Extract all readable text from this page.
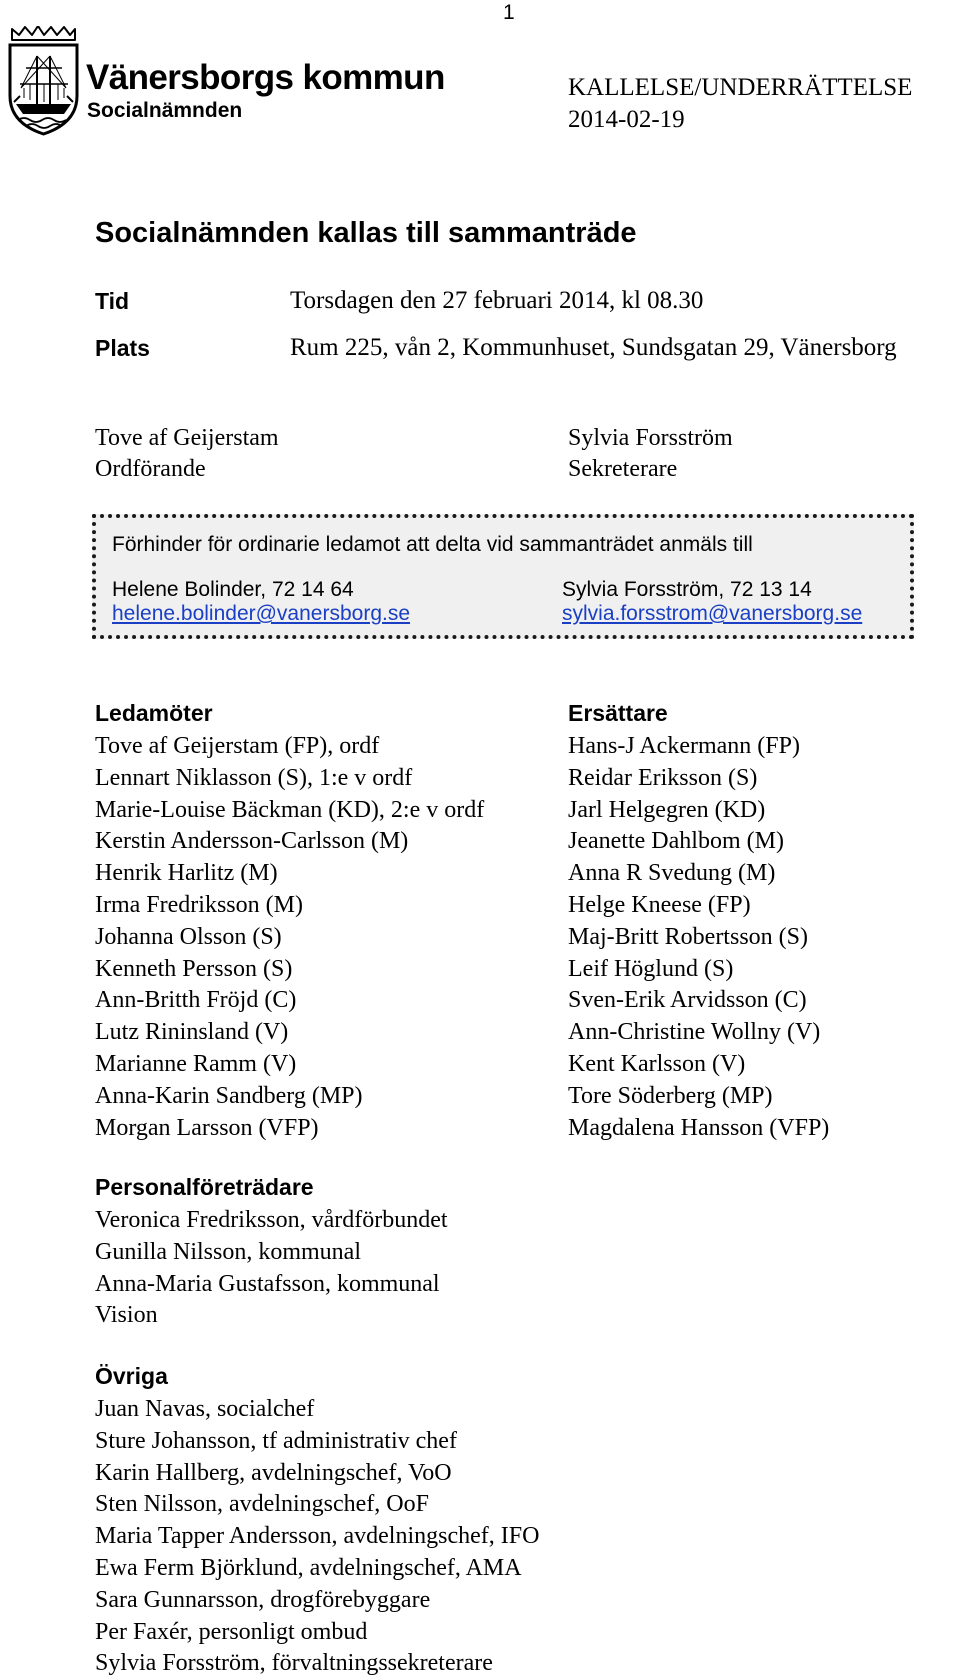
1
Vänersborgs kommun
Socialnämnden
KALLELSE/UNDERRÄTTELSE
2014-02-19
Socialnämnden kallas till sammanträde
Tid	Torsdagen den 27 februari 2014, kl 08.30
Plats	Rum 225, vån 2, Kommunhuset, Sundsgatan 29, Vänersborg
Tove af Geijerstam
Ordförande
Sylvia Forsström
Sekreterare
Förhinder för ordinarie ledamot att delta vid sammanträdet anmäls till
Helene Bolinder, 72 14 64
helene.bolinder@vanersborg.se
Sylvia Forsström, 72 13 14
sylvia.forsstrom@vanersborg.se
Ledamöter
Tove af Geijerstam (FP), ordf
Lennart Niklasson (S), 1:e v ordf
Marie-Louise Bäckman (KD), 2:e v ordf
Kerstin Andersson-Carlsson (M)
Henrik Harlitz (M)
Irma Fredriksson (M)
Johanna Olsson (S)
Kenneth Persson (S)
Ann-Britth Fröjd (C)
Lutz Rininsland (V)
Marianne Ramm (V)
Anna-Karin Sandberg (MP)
Morgan Larsson (VFP)
Ersättare
Hans-J Ackermann (FP)
Reidar Eriksson (S)
Jarl Helgegren (KD)
Jeanette Dahlbom (M)
Anna R Svedung (M)
Helge Kneese (FP)
Maj-Britt Robertsson (S)
Leif Höglund (S)
Sven-Erik Arvidsson (C)
Ann-Christine Wollny (V)
Kent Karlsson (V)
Tore Söderberg (MP)
Magdalena Hansson (VFP)
Personalföreträdare
Veronica Fredriksson, vårdförbundet
Gunilla Nilsson, kommunal
Anna-Maria Gustafsson, kommunal
Vision
Övriga
Juan Navas, socialchef
Sture Johansson, tf administrativ chef
Karin Hallberg, avdelningschef, VoO
Sten Nilsson, avdelningschef, OoF
Maria Tapper Andersson, avdelningschef, IFO
Ewa Ferm Björklund, avdelningschef, AMA
Sara Gunnarsson, drogförebyggare
Per Faxér, personligt ombud
Sylvia Forsström, förvaltningssekreterare
